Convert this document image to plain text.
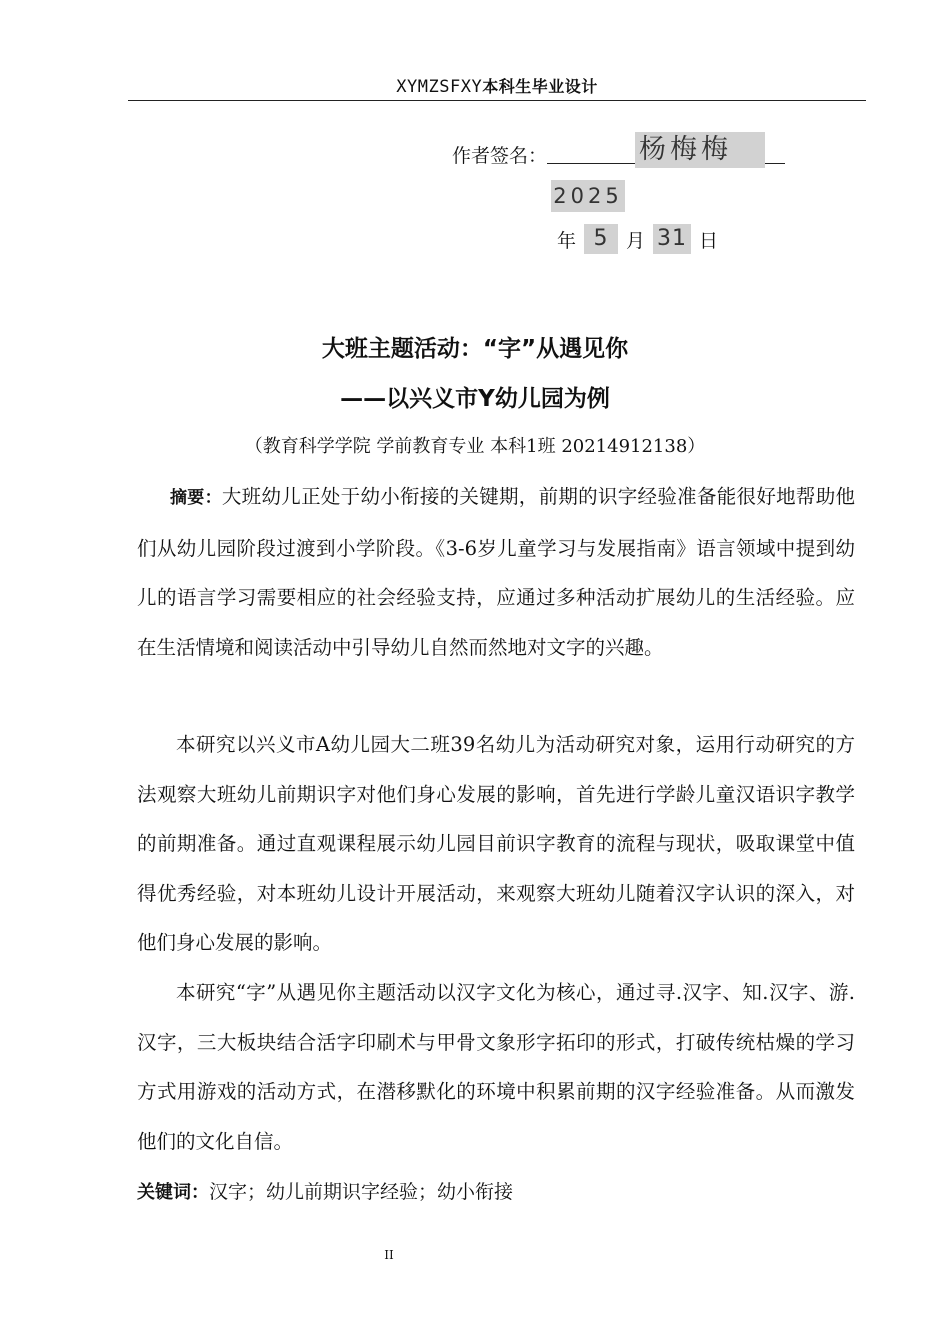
XYMZSFXY本科生毕业设计
作者签名：	杨梅梅
2025
年 5 月 31 日
大班主题活动：“字”从遇见你
——以兴义市Y幼儿园为例
（教育科学学院 学前教育专业 本科1班 20214912138）

摘要：大班幼儿正处于幼小衔接的关键期，前期的识字经验准备能很好地帮助他们从幼儿园阶段过渡到小学阶段。《3-6岁儿童学习与发展指南》语言领域中提到幼儿的语言学习需要相应的社会经验支持，应通过多种活动扩展幼儿的生活经验。应在生活情境和阅读活动中引导幼儿自然而然地对文字的兴趣。

本研究以兴义市A幼儿园大二班39名幼儿为活动研究对象，运用行动研究的方法观察大班幼儿前期识字对他们身心发展的影响，首先进行学龄儿童汉语识字教学的前期准备。通过直观课程展示幼儿园目前识字教育的流程与现状，吸取课堂中值得优秀经验，对本班幼儿设计开展活动，来观察大班幼儿随着汉字认识的深入，对他们身心发展的影响。

本研究“字”从遇见你主题活动以汉字文化为核心，通过寻.汉字、知.汉字、游.汉字，三大板块结合活字印刷术与甲骨文象形字拓印的形式，打破传统枯燥的学习方式用游戏的活动方式，在潜移默化的环境中积累前期的汉字经验准备。从而激发他们的文化自信。

关键词：汉字；幼儿前期识字经验；幼小衔接
II
